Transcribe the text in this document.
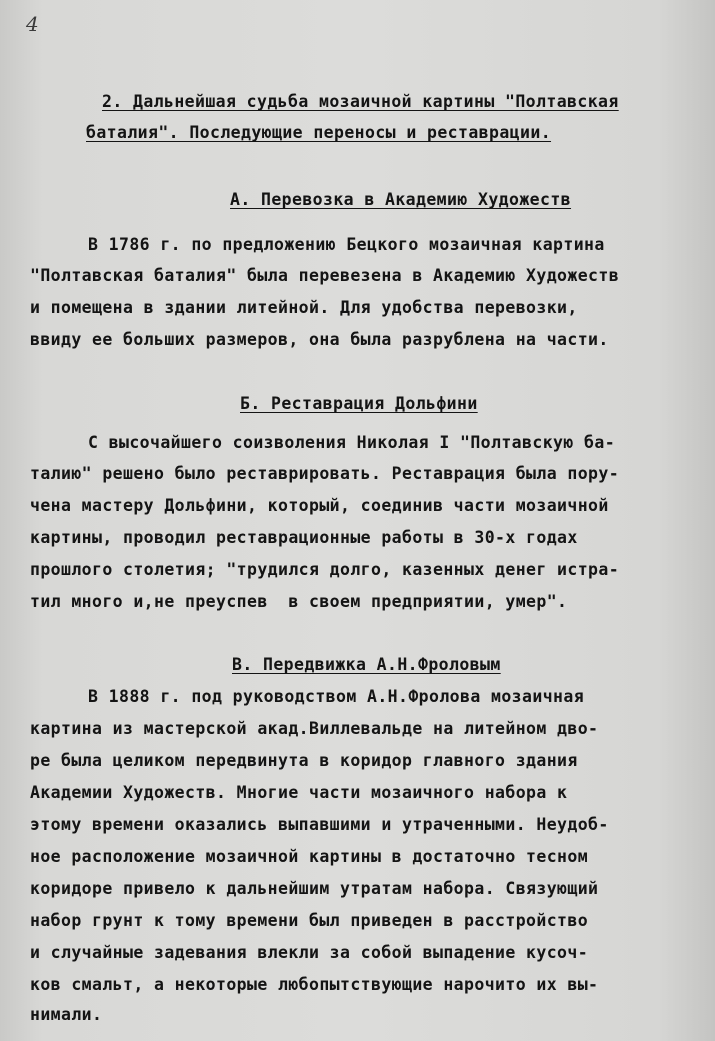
4
2. Дальнейшая судьба мозаичной картины "Полтавская
баталия". Последующие переносы и реставрации.
А. Перевозка в Академию Художеств
В 1786 г. по предложению Бецкого мозаичная картина
"Полтавская баталия" была перевезена в Академию Художеств
и помещена в здании литейной. Для удобства перевозки,
ввиду ее больших размеров, она была разрублена на части.
Б. Реставрация Дольфини
С высочайшего соизволения Николая I "Полтавскую ба-
талию" решено было реставрировать. Реставрация была пору-
чена мастеру Дольфини, который, соединив части мозаичной
картины, проводил реставрационные работы в 30-х годах
прошлого столетия; "трудился долго, казенных денег истра-
тил много и,не преуспев  в своем предприятии, умер".
В. Передвижка А.Н.Фроловым
В 1888 г. под руководством А.Н.Фролова мозаичная
картина из мастерской акад.Виллевальде на литейном дво-
ре была целиком передвинута в коридор главного здания
Академии Художеств. Многие части мозаичного набора к
этому времени оказались выпавшими и утраченными. Неудоб-
ное расположение мозаичной картины в достаточно тесном
коридоре привело к дальнейшим утратам набора. Связующий
набор грунт к тому времени был приведен в расстройство
и случайные задевания влекли за собой выпадение кусоч-
ков смальт, а некоторые любопытствующие нарочито их вы-
нимали.
